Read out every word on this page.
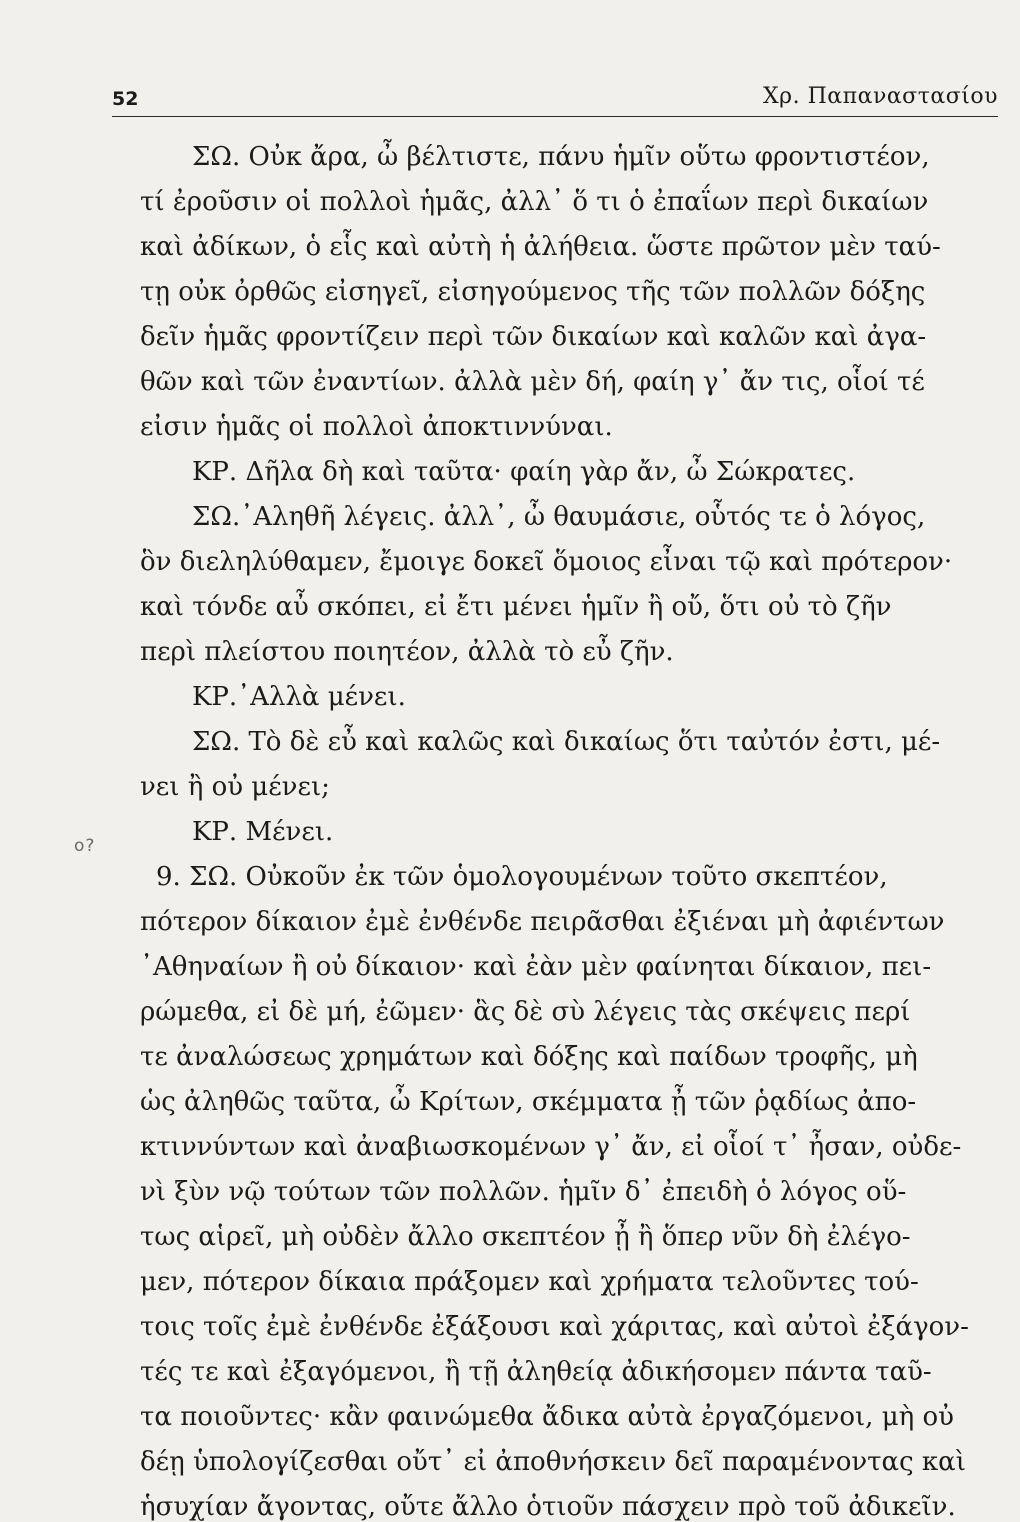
52	Χρ. Παπαναστασίου
ο?
ΣΩ. Οὐκ ἄρα, ὦ βέλτιστε, πάνυ ἡμῖν οὕτω φροντιστέον,
τί ἐροῦσιν οἱ πολλοὶ ἡμᾶς, ἀλλ᾽ ὅ τι ὁ ἐπαΐων περὶ δικαίων
καὶ ἀδίκων, ὁ εἷς καὶ αὐτὴ ἡ ἀλήθεια. ὥστε πρῶτον μὲν ταύ-
τῃ οὐκ ὀρθῶς εἰσηγεῖ, εἰσηγούμενος τῆς τῶν πολλῶν δόξης
δεῖν ἡμᾶς φροντίζειν περὶ τῶν δικαίων καὶ καλῶν καὶ ἀγα-
θῶν καὶ τῶν ἐναντίων. ἀλλὰ μὲν δή, φαίη γ᾽ ἄν τις, οἷοί τέ
εἰσιν ἡμᾶς οἱ πολλοὶ ἀποκτιννύναι.
ΚΡ. Δῆλα δὴ καὶ ταῦτα· φαίη γὰρ ἄν, ὦ Σώκρατες.
ΣΩ.᾽Αληθῆ λέγεις. ἀλλ᾽, ὦ θαυμάσιε, οὗτός τε ὁ λόγος,
ὃν διεληλύθαμεν, ἔμοιγε δοκεῖ ὅμοιος εἶναι τῷ καὶ πρότερον·
καὶ τόνδε αὖ σκόπει, εἰ ἔτι μένει ἡμῖν ἢ οὔ, ὅτι οὐ τὸ ζῆν
περὶ πλείστου ποιητέον, ἀλλὰ τὸ εὖ ζῆν.
ΚΡ.᾽Αλλὰ μένει.
ΣΩ. Τὸ δὲ εὖ καὶ καλῶς καὶ δικαίως ὅτι ταὐτόν ἐστι, μέ-
νει ἢ οὐ μένει;
ΚΡ. Μένει.
9. ΣΩ. Οὐκοῦν ἐκ τῶν ὁμολογουμένων τοῦτο σκεπτέον,
πότερον δίκαιον ἐμὲ ἐνθένδε πειρᾶσθαι ἐξιέναι μὴ ἀφιέντων
᾽Αθηναίων ἢ οὐ δίκαιον· καὶ ἐὰν μὲν φαίνηται δίκαιον, πει-
ρώμεθα, εἰ δὲ μή, ἐῶμεν· ἃς δὲ σὺ λέγεις τὰς σκέψεις περί
τε ἀναλώσεως χρημάτων καὶ δόξης καὶ παίδων τροφῆς, μὴ
ὡς ἀληθῶς ταῦτα, ὦ Κρίτων, σκέμματα ᾖ τῶν ῥᾳδίως ἀπο-
κτιννύντων καὶ ἀναβιωσκομένων γ᾽ ἄν, εἰ οἷοί τ᾽ ἦσαν, οὐδε-
νὶ ξὺν νῷ τούτων τῶν πολλῶν. ἡμῖν δ᾽ ἐπειδὴ ὁ λόγος οὕ-
τως αἱρεῖ, μὴ οὐδὲν ἄλλο σκεπτέον ᾖ ἢ ὅπερ νῦν δὴ ἐλέγο-
μεν, πότερον δίκαια πράξομεν καὶ χρήματα τελοῦντες τού-
τοις τοῖς ἐμὲ ἐνθένδε ἐξάξουσι καὶ χάριτας, καὶ αὐτοὶ ἐξάγον-
τές τε καὶ ἐξαγόμενοι, ἢ τῇ ἀληθείᾳ ἀδικήσομεν πάντα ταῦ-
τα ποιοῦντες· κἂν φαινώμεθα ἄδικα αὐτὰ ἐργαζόμενοι, μὴ οὐ
δέῃ ὑπολογίζεσθαι οὔτ᾽ εἰ ἀποθνήσκειν δεῖ παραμένοντας καὶ
ἡσυχίαν ἄγοντας, οὔτε ἄλλο ὁτιοῦν πάσχειν πρὸ τοῦ ἀδικεῖν.
